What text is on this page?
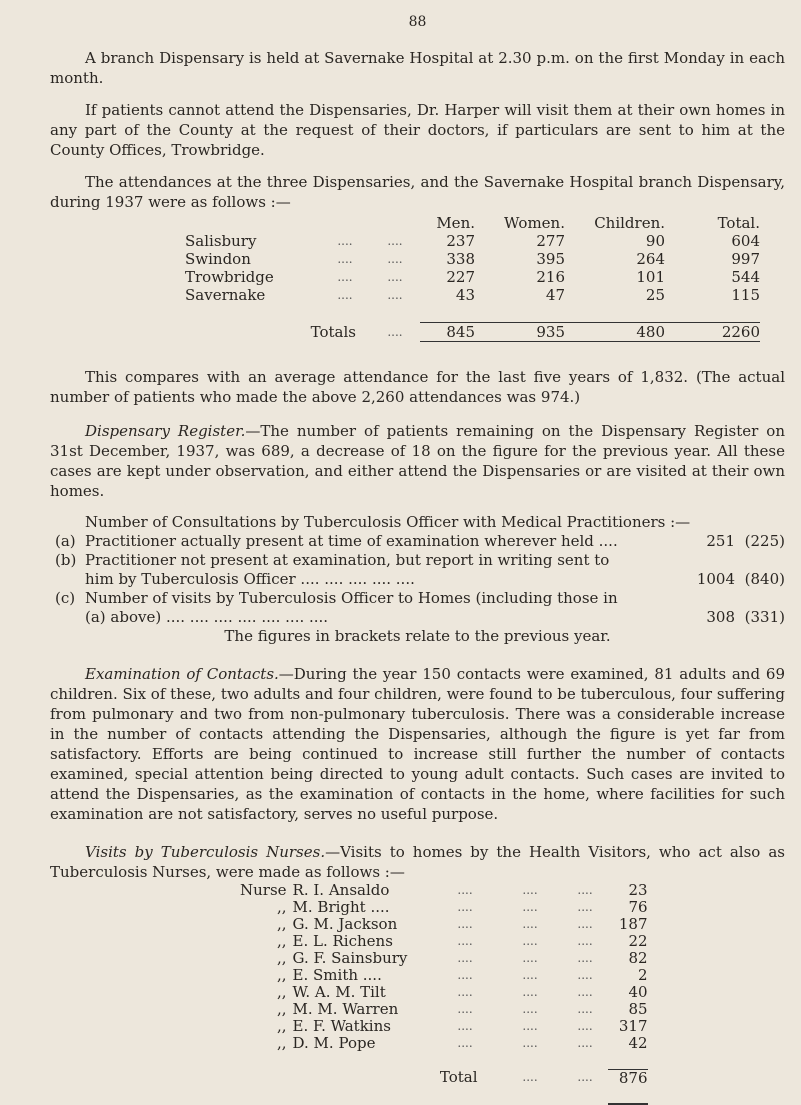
88

A branch Dispensary is held at Savernake Hospital at 2.30 p.m. on the first Monday in each month.

If patients cannot attend the Dispensaries, Dr. Harper will visit them at their own homes in any part of the County at the request of their doctors, if particulars are sent to him at the County Offices, Trowbridge.

The attendances at the three Dispensaries, and the Savernake Hospital branch Dispensary, during 1937 were as follows :—

				Men.	Women.	Children.	Total.
Salisbury		....	....	237	277	90	604
Swindon		....	....	338	395	264	997
Trowbridge		....	....	227	216	101	544
Savernake		....	....	43	47	25	115

	Totals		....	845	935	480	2260

This compares with an average attendance for the last five years of 1,832. (The actual number of patients who made the above 2,260 attendances was 974.)

Dispensary Register.—The number of patients remaining on the Dispensary Register on 31st December, 1937, was 689, a decrease of 18 on the figure for the previous year. All these cases are kept under observation, and either attend the Dispensaries or are visited at their own homes.

Number of Consultations by Tuberculosis Officer with Medical Practitioners :—
(a) Practitioner actually present at time of examination wherever held ....	251 (225)
(b) Practitioner not present at examination, but report in writing sent to
him by Tuberculosis Officer .... .... .... .... ....	1004 (840)
(c) Number of visits by Tuberculosis Officer to Homes (including those in
(a) above) .... .... .... .... .... .... ....	308 (331)
The figures in brackets relate to the previous year.

Examination of Contacts.—During the year 150 contacts were examined, 81 adults and 69 children. Six of these, two adults and four children, were found to be tuberculous, four suffering from pulmonary and two from non-pulmonary tuberculosis. There was a considerable increase in the number of contacts attending the Dispensaries, although the figure is yet far from satisfactory. Efforts are being continued to increase still further the number of contacts examined, special attention being directed to young adult contacts. Such cases are invited to attend the Dispensaries, as the examination of contacts in the home, where facilities for such examination are not satisfactory, serves no useful purpose.

Visits by Tuberculosis Nurses.—Visits to homes by the Health Visitors, who act also as Tuberculosis Nurses, were made as follows :—

Nurse	R. I. Ansaldo	....	....	....	23
,,	M. Bright ....	....	....	....	76
,,	G. M. Jackson	....	....	....	187
,,	E. L. Richens	....	....	....	22
,,	G. F. Sainsbury	....	....	....	82
,,	E. Smith ....	....	....	....	2
,,	W. A. M. Tilt	....	....	....	40
,,	M. M. Warren	....	....	....	85
,,	E. F. Watkins	....	....	....	317
,,	D. M. Pope	....	....	....	42

	Total		....	....	876
